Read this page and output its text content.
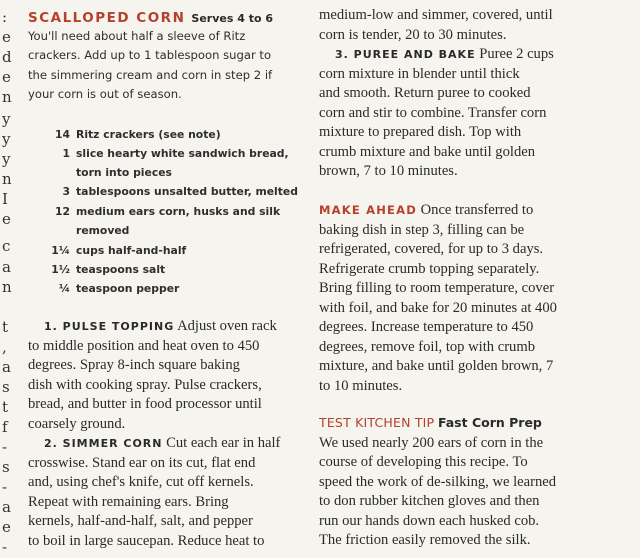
:
e
d
e
n
y
y
y
n
I
e
c
a
n
t
,
a
s
t
f
-
s
-
a
e
-
SCALLOPED CORN Serves 4 to 6
You'll need about half a sleeve of Ritz
crackers. Add up to 1 tablespoon sugar to
the simmering cream and corn in step 2 if
your corn is out of season.
14 Ritz crackers (see note)
1 slice hearty white sandwich bread,
torn into pieces
3 tablespoons unsalted butter, melted
12 medium ears corn, husks and silk
removed
1¼ cups half-and-half
1½ teaspoons salt
¼ teaspoon pepper
1. PULSE TOPPING Adjust oven rack
to middle position and heat oven to 450
degrees. Spray 8-inch square baking
dish with cooking spray. Pulse crackers,
bread, and butter in food processor until
coarsely ground.
2. SIMMER CORN Cut each ear in half
crosswise. Stand ear on its cut, flat end
and, using chef's knife, cut off kernels.
Repeat with remaining ears. Bring
kernels, half-and-half, salt, and pepper
to boil in large saucepan. Reduce heat to
medium-low and simmer, covered, until
corn is tender, 20 to 30 minutes.
3. PUREE AND BAKE Puree 2 cups
corn mixture in blender until thick
and smooth. Return puree to cooked
corn and stir to combine. Transfer corn
mixture to prepared dish. Top with
crumb mixture and bake until golden
brown, 7 to 10 minutes.
MAKE AHEAD Once transferred to
baking dish in step 3, filling can be
refrigerated, covered, for up to 3 days.
Refrigerate crumb topping separately.
Bring filling to room temperature, cover
with foil, and bake for 20 minutes at 400
degrees. Increase temperature to 450
degrees, remove foil, top with crumb
mixture, and bake until golden brown, 7
to 10 minutes.
TEST KITCHEN TIP Fast Corn Prep
We used nearly 200 ears of corn in the
course of developing this recipe. To
speed the work of de-silking, we learned
to don rubber kitchen gloves and then
run our hands down each husked cob.
The friction easily removed the silk.
